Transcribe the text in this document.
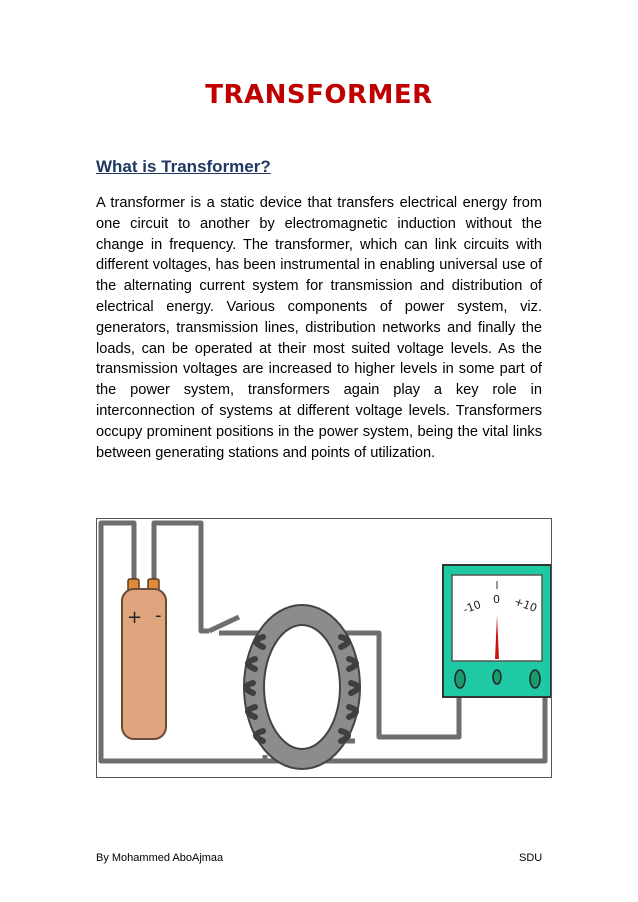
TRANSFORMER
What is Transformer?
A transformer is a static device that transfers electrical energy from one circuit to another by electromagnetic induction without the change in frequency. The transformer, which can link circuits with different voltages, has been instrumental in enabling universal use of the alternating current system for transmission and distribution of electrical energy. Various components of power system, viz. generators, transmission lines, distribution networks and finally the loads, can be operated at their most suited voltage levels. As the transmission voltages are increased to higher levels in some part of the power system, transformers again play a key role in interconnection of systems at different voltage levels. Transformers occupy prominent positions in the power system, being the vital links between generating stations and points of utilization.
+ -	-10 0 +10
By Mohammed AboAjmaa	SDU
